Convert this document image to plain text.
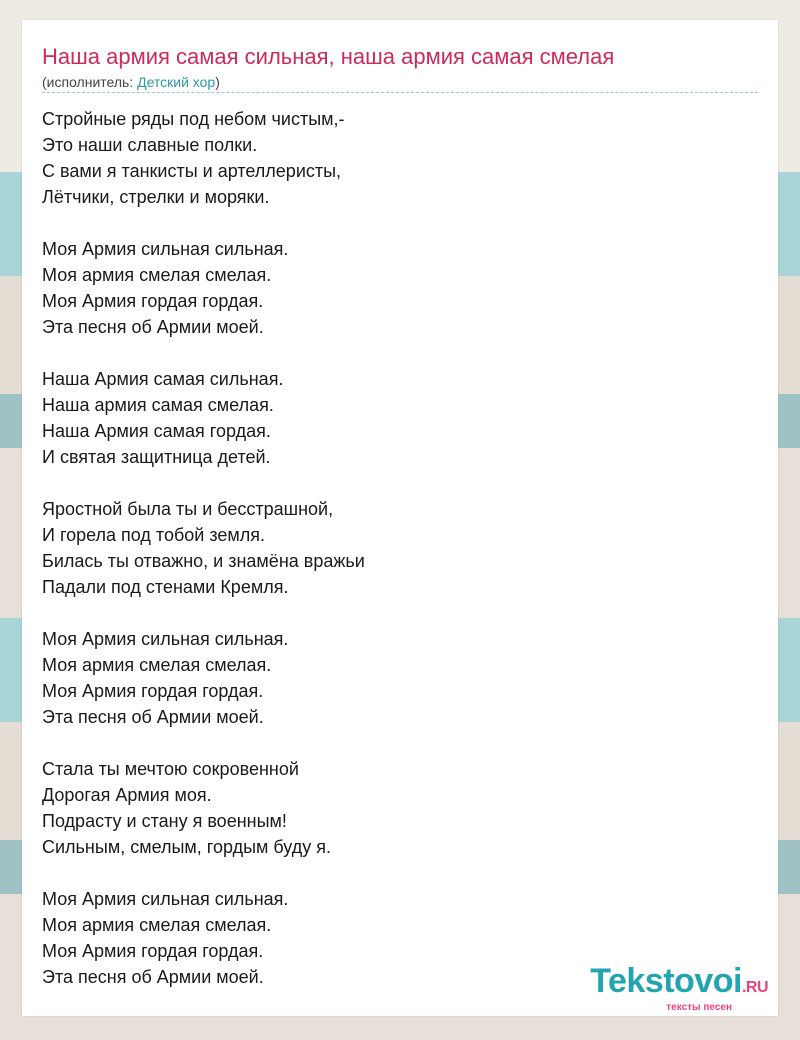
Наша армия самая сильная, наша армия самая смелая
(исполнитель: Детский хор)
Стройные ряды под небом чистым,-
Это наши славные полки.
С вами я танкисты и артеллеристы,
Лётчики, стрелки и моряки.
Моя Армия сильная сильная.
Моя армия смелая смелая.
Моя Армия гордая гордая.
Эта песня об Армии моей.
Наша Армия самая сильная.
Наша армия самая смелая.
Наша Армия самая гордая.
И святая защитница детей.
Яростной была ты и бесстрашной,
И горела под тобой земля.
Билась ты отважно, и знамёна вражьи
Падали под стенами Кремля.
Моя Армия сильная сильная.
Моя армия смелая смелая.
Моя Армия гордая гордая.
Эта песня об Армии моей.
Стала ты мечтою сокровенной
Дорогая Армия моя.
Подрасту и стану я военным!
Сильным, смелым, гордым буду я.
Моя Армия сильная сильная.
Моя армия смелая смелая.
Моя Армия гордая гордая.
Эта песня об Армии моей.	Tekstovoi.RU
тексты песен
